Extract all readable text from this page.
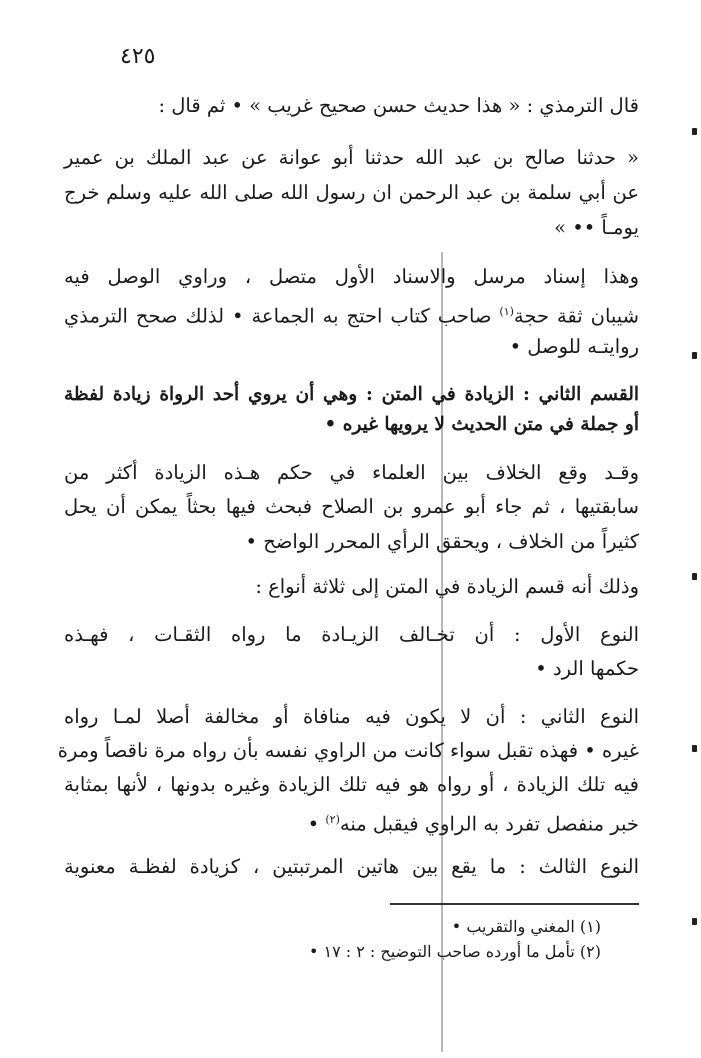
٤٢٥
قال الترمذي : « هذا حديث حسن صحيح غريب » • ثم قال :
« حدثنا صالح بن عبد الله حدثنا أبو عوانة عن عبد الملك بن عمير
عن أبي سلمة بن عبد الرحمن ان رسول الله صلى الله عليه وسلم خرج
يومـاً •• »
وهذا إسناد مرسل والاسناد الأول متصل ، وراوي الوصل فيه
شيبان ثقة حجة$^{(١)}$ صاحب كتاب احتج به الجماعة • لذلك صحح الترمذي
روايتـه للوصل •
القسم الثاني : الزيادة في المتن : وهي أن يروي أحد الرواة زيادة لفظة
أو جملة في متن الحديث لا يرويها غيره •
وقـد وقع الخلاف بين العلماء في حكم هـذه الزيادة أكثر من
سابقتيها ، ثم جاء أبو عمرو بن الصلاح فبحث فيها بحثاً يمكن أن يحل
كثيراً من الخلاف ، ويحقق الرأي المحرر الواضح •
وذلك أنه قسم الزيادة في المتن إلى ثلاثة أنواع :
النوع الأول : أن تخـالف الزيـادة ما رواه الثقـات ، فهـذه
حكمها الرد •
النوع الثاني : أن لا يكون فيه منافاة أو مخالفة أصلا لمـا رواه
غيره • فهذه تقبل سواء كانت من الراوي نفسه بأن رواه مرة ناقصاً ومرة
فيه تلك الزيادة ، أو رواه هو فيه تلك الزيادة وغيره بدونها ، لأنها بمثابة
خبر منفصل تفرد به الراوي فيقبل منه$^{(٢)}$ •
النوع الثالث : ما يقع بين هاتين المرتبتين ، كزيادة لفظـة معنوية
(١) المغني والتقريب •
(٢) تأمل ما أورده صاحب التوضيح : ٢ : ١٧ •
